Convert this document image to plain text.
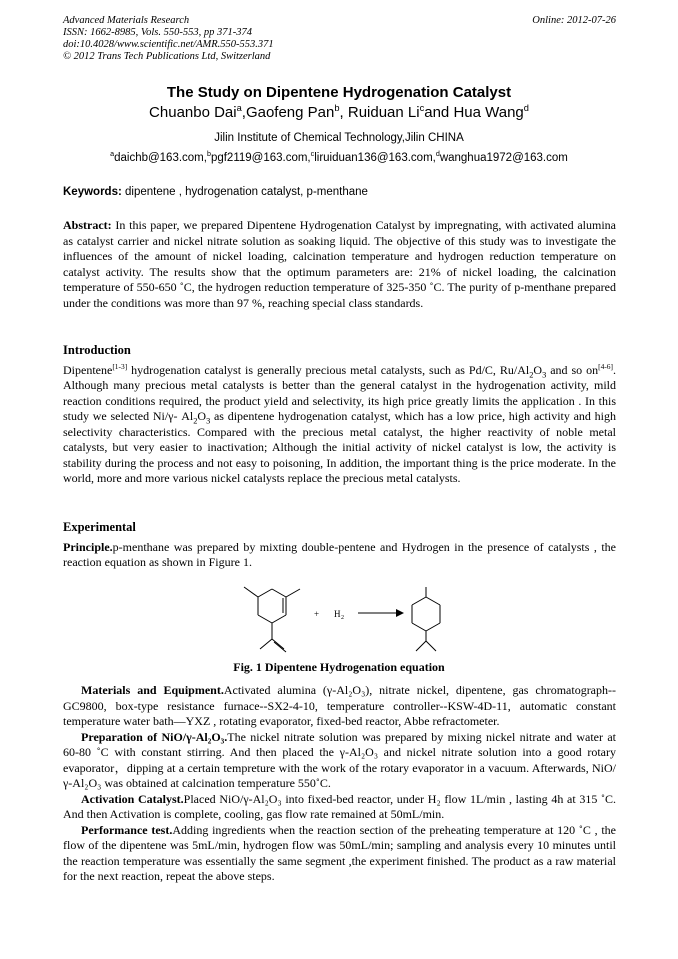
Advanced Materials Research
ISSN: 1662-8985, Vols. 550-553, pp 371-374
doi:10.4028/www.scientific.net/AMR.550-553.371
© 2012 Trans Tech Publications Ltd, Switzerland
Online: 2012-07-26
The Study on Dipentene Hydrogenation Catalyst
Chuanbo Dai$^a$,Gaofeng Pan$^b$, Ruiduan Li$^c$and Hua Wang$^d$
Jilin Institute of Chemical Technology,Jilin CHINA
$^a$daichb@163.com,$^b$pgf2119@163.com,$^c$liruiduan136@163.com,$^d$wanghua1972@163.com
Keywords: dipentene , hydrogenation catalyst, p-menthane
Abstract: In this paper, we prepared Dipentene Hydrogenation Catalyst by impregnating, with activated alumina as catalyst carrier and nickel nitrate solution as soaking liquid. The objective of this study was to investigate the influences of the amount of nickel loading, calcination temperature and hydrogen reduction temperature on catalyst activity. The results show that the optimum parameters are: 21% of nickel loading, the calcination temperature of 550-650 ˚C, the hydrogen reduction temperature of 325-350 ˚C. The purity of p-menthane prepared under the conditions was more than 97 %, reaching special class standards.
Introduction
Dipentene[1-3] hydrogenation catalyst is generally precious metal catalysts, such as Pd/C, $Ru/Al_2O_3$ and so on[4-6]. Although many precious metal catalysts is better than the general catalyst in the hydrogenation activity, mild reaction conditions required, the product yield and selectivity, its high price greatly limits the application . In this study we selected Ni/γ- $Al_2O_3$ as dipentene hydrogenation catalyst, which has a low price, high activity and high selectivity characteristics. Compared with the precious metal catalyst, the higher reactivity of noble metal catalysts, but very easier to inactivation; Although the initial activity of nickel catalyst is low, the activity is stability during the process and not easy to poisoning, In addition, the important thing is the price moderate. In the world, more and more various nickel catalysts replace the precious metal catalysts.
Experimental
Principle.p-menthane was prepared by mixting double-pentene and Hydrogen in the presence of catalysts , the reaction equation as shown in Figure 1.
+ H 2
Fig. 1 Dipentene Hydrogenation equation
Materials and Equipment.Activated alumina (γ-Al₂O₃), nitrate nickel, dipentene, gas chromatograph--GC9800, box-type resistance furnace--SX2-4-10, temperature controller--KSW-4D-11, automatic constant temperature water bath—YXZ , rotating evaporator, fixed-bed reactor, Abbe refractometer.
Preparation of NiO/γ-Al₂O₃.The nickel nitrate solution was prepared by mixing nickel nitrate and water at 60-80 ˚C with constant stirring. And then placed the γ-Al₂O₃ and nickel nitrate solution into a good rotary evaporator，dipping at a certain tempreture with the work of the rotary evaporator in a vacuum. Afterwards, NiO/γ-Al₂O₃ was obtained at calcination temperature 550˚C.
Activation Catalyst.Placed NiO/γ-Al₂O₃ into fixed-bed reactor, under H₂ flow 1L/min , lasting 4h at 315 ˚C. And then Activation is complete, cooling, gas flow rate remained at 50mL/min.
Performance test.Adding ingredients when the reaction section of the preheating temperature at 120 ˚C , the flow of the dipentene was 5mL/min, hydrogen flow was 50mL/min; sampling and analysis every 10 minutes until the reaction temperature was essentially the same segment ,the experiment finished. The product as a raw material for the next reaction, repeat the above steps.
